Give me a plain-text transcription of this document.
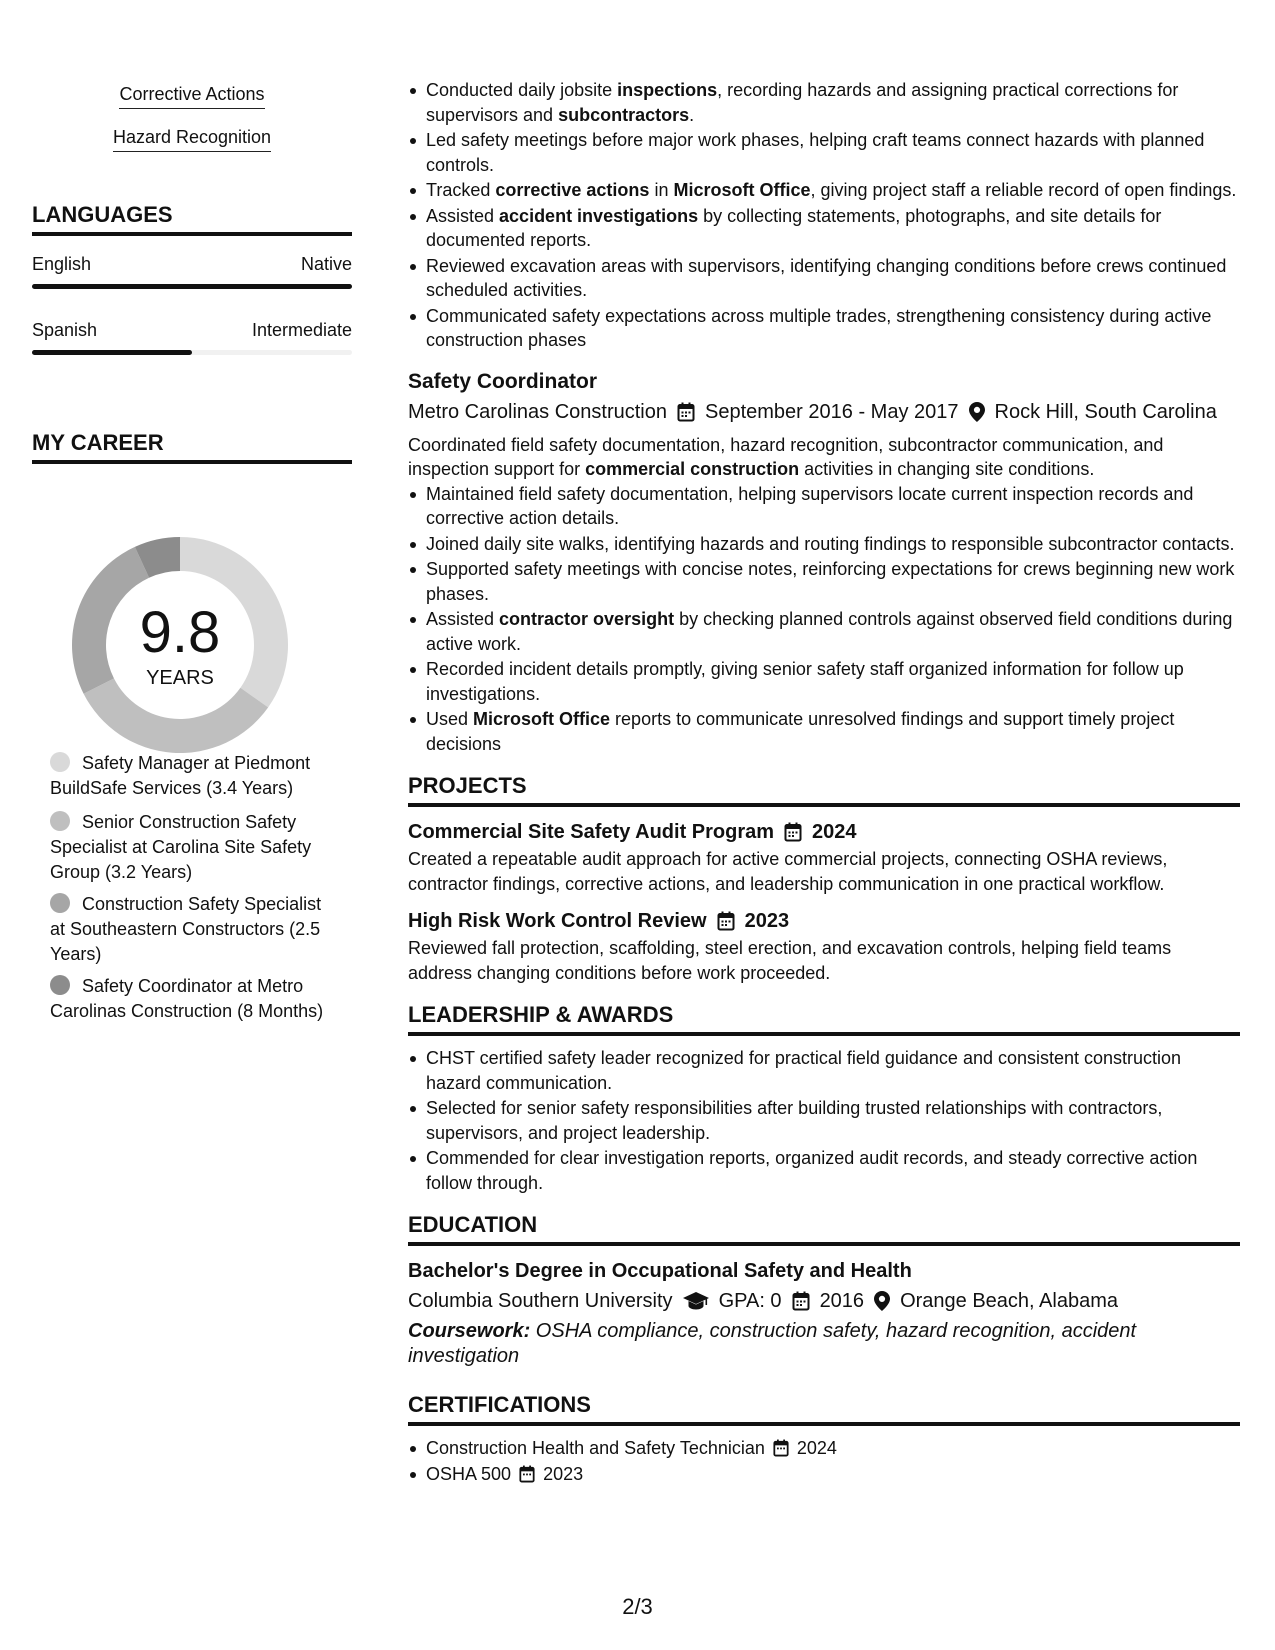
Corrective Actions
Hazard Recognition
LANGUAGES
English	Native
Spanish	Intermediate
MY CAREER
9.8
YEARS
Safety Manager at Piedmont BuildSafe Services (3.4 Years)
Senior Construction Safety Specialist at Carolina Site Safety Group (3.2 Years)
Construction Safety Specialist at Southeastern Constructors (2.5 Years)
Safety Coordinator at Metro Carolinas Construction (8 Months)
Conducted daily jobsite inspections, recording hazards and assigning practical corrections for supervisors and subcontractors.
Led safety meetings before major work phases, helping craft teams connect hazards with planned controls.
Tracked corrective actions in Microsoft Office, giving project staff a reliable record of open findings.
Assisted accident investigations by collecting statements, photographs, and site details for documented reports.
Reviewed excavation areas with supervisors, identifying changing conditions before crews continued scheduled activities.
Communicated safety expectations across multiple trades, strengthening consistency during active construction phases
Safety Coordinator
Metro Carolinas Construction September 2016 - May 2017 Rock Hill, South Carolina
Coordinated field safety documentation, hazard recognition, subcontractor communication, and inspection support for commercial construction activities in changing site conditions.
Maintained field safety documentation, helping supervisors locate current inspection records and corrective action details.
Joined daily site walks, identifying hazards and routing findings to responsible subcontractor contacts.
Supported safety meetings with concise notes, reinforcing expectations for crews beginning new work phases.
Assisted contractor oversight by checking planned controls against observed field conditions during active work.
Recorded incident details promptly, giving senior safety staff organized information for follow up investigations.
Used Microsoft Office reports to communicate unresolved findings and support timely project decisions
PROJECTS
Commercial Site Safety Audit Program 2024
Created a repeatable audit approach for active commercial projects, connecting OSHA reviews, contractor findings, corrective actions, and leadership communication in one practical workflow.
High Risk Work Control Review 2023
Reviewed fall protection, scaffolding, steel erection, and excavation controls, helping field teams address changing conditions before work proceeded.
LEADERSHIP & AWARDS
CHST certified safety leader recognized for practical field guidance and consistent construction hazard communication.
Selected for senior safety responsibilities after building trusted relationships with contractors, supervisors, and project leadership.
Commended for clear investigation reports, organized audit records, and steady corrective action follow through.
EDUCATION
Bachelor's Degree in Occupational Safety and Health
Columbia Southern University GPA: 0 2016 Orange Beach, Alabama
Coursework: OSHA compliance, construction safety, hazard recognition, accident investigation
CERTIFICATIONS
Construction Health and Safety Technician 2024
OSHA 500 2023
2/3
